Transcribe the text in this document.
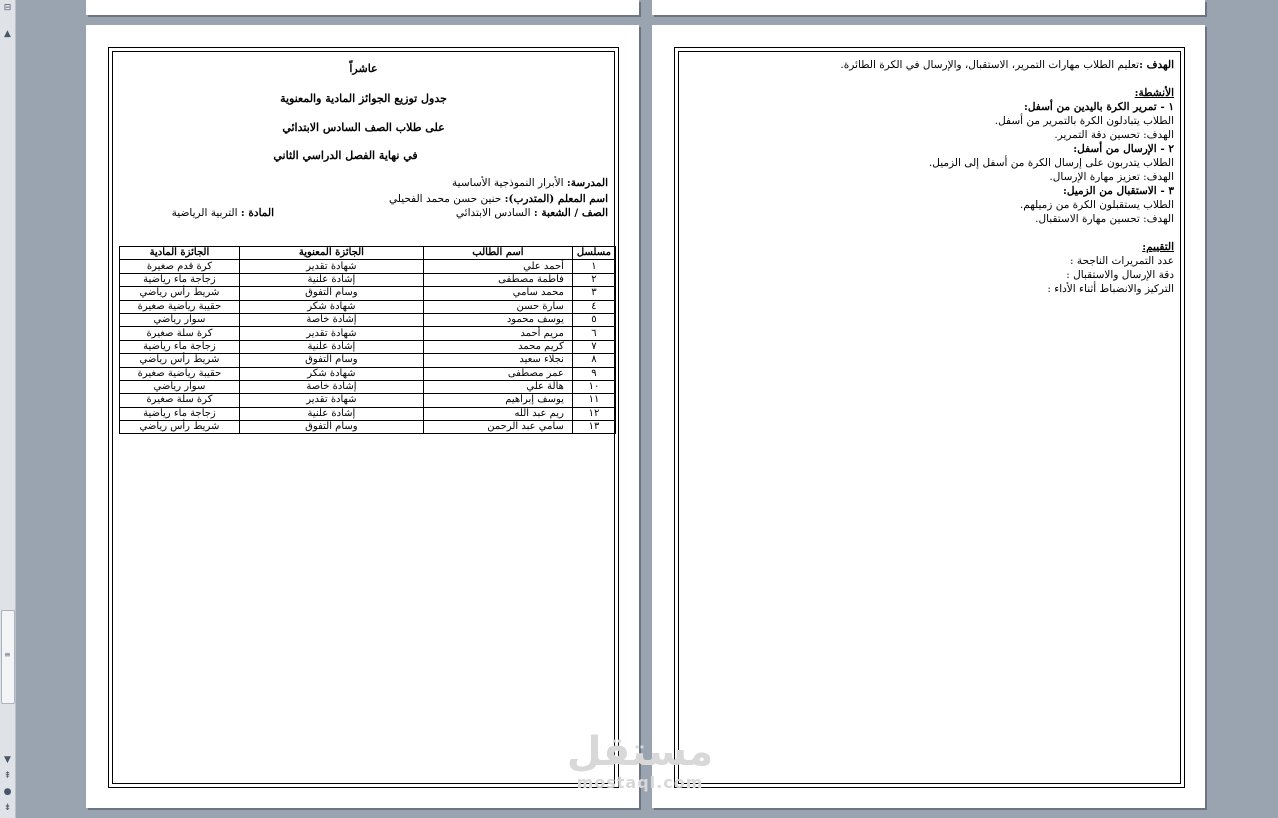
⊟
▲
≡
▼
⇞
●
⇟
عاشراً
جدول توزيع الجوائز المادية والمعنوية
على طلاب الصف السادس الابتدائي
في نهاية الفصل الدراسي الثاني
المدرسة: الأبرار النموذجية الأساسية
اسم المعلم (المتدرب): حنين حسن محمد الفحيلي
الصف / الشعبة : السادس الابتدائي
المادة : التربية الرياضية
مسلسل	اسم الطالب	الجائزة المعنوية	الجائزة المادية
١	أحمد علي	شهادة تقدير	كرة قدم صغيرة
٢	فاطمة مصطفى	إشادة علنية	زجاجة ماء رياضية
٣	محمد سامي	وسام التفوق	شريط رأس رياضي
٤	سارة حسن	شهادة شكر	حقيبة رياضية صغيرة
٥	يوسف محمود	إشادة خاصة	سوار رياضي
٦	مريم أحمد	شهادة تقدير	كرة سلة صغيرة
٧	كريم محمد	إشادة علنية	زجاجة ماء رياضية
٨	نجلاء سعيد	وسام التفوق	شريط رأس رياضي
٩	عمر مصطفى	شهادة شكر	حقيبة رياضية صغيرة
١٠	هالة علي	إشادة خاصة	سوار رياضي
١١	يوسف إبراهيم	شهادة تقدير	كرة سلة صغيرة
١٢	ريم عبد الله	إشادة علنية	زجاجة ماء رياضية
١٣	سامي عبد الرحمن	وسام التفوق	شريط رأس رياضي
الهدف :تعليم الطلاب مهارات التمرير، الاستقبال، والإرسال في الكرة الطائرة.
الأنشطة:
١ - تمرير الكرة باليدين من أسفل:
الطلاب يتبادلون الكرة بالتمرير من أسفل.
الهدف: تحسين دقة التمرير.
٢ - الإرسال من أسفل:
الطلاب يتدربون على إرسال الكرة من أسفل إلى الزميل.
الهدف: تعزيز مهارة الإرسال.
٣ - الاستقبال من الزميل:
الطلاب يستقبلون الكرة من زميلهم.
الهدف: تحسين مهارة الاستقبال.
التقييم:
عدد التمريرات الناجحة :
دقة الإرسال والاستقبال :
التركيز والانضباط أثناء الأداء :
مستقل
mostaql.com
